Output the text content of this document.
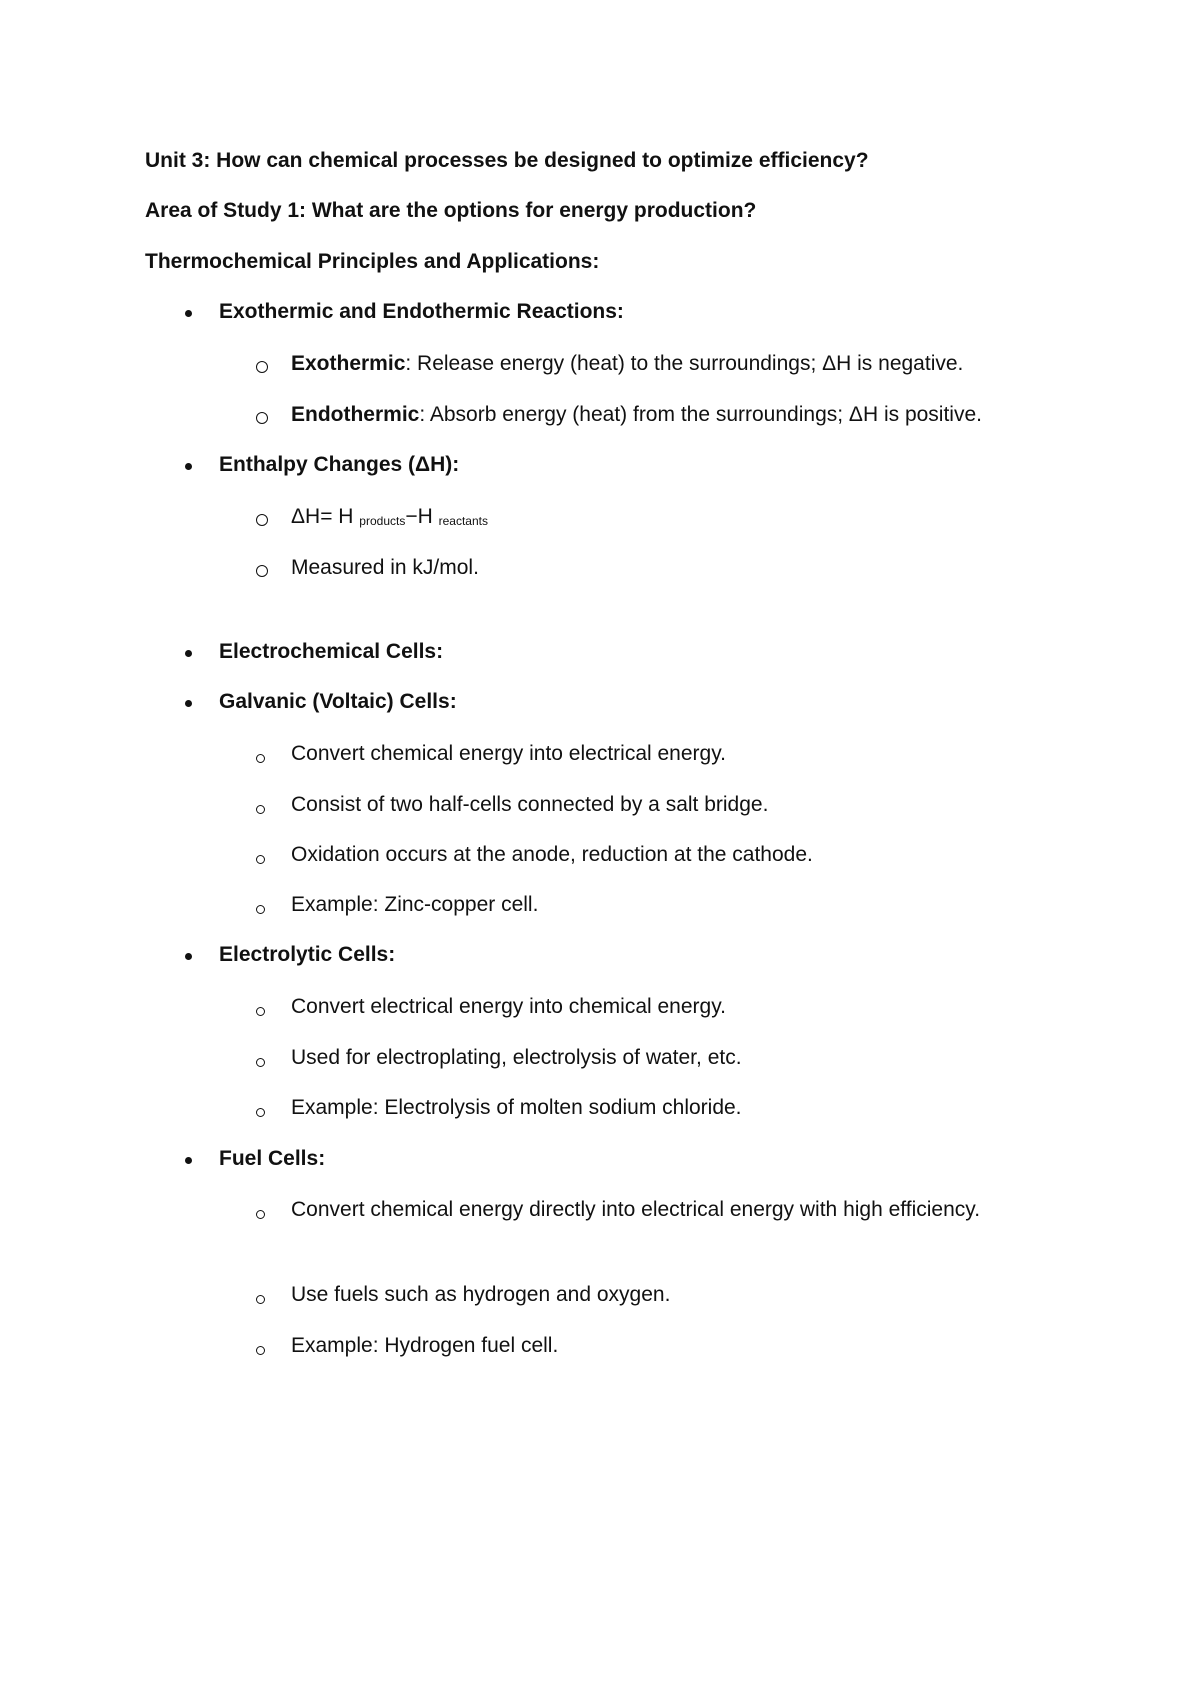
Unit 3: How can chemical processes be designed to optimize efficiency?
Area of Study 1: What are the options for energy production?
Thermochemical Principles and Applications:
Exothermic and Endothermic Reactions:
Exothermic: Release energy (heat) to the surroundings; ΔH is negative.
Endothermic: Absorb energy (heat) from the surroundings; ΔH is positive.
Enthalpy Changes (ΔH):
ΔH= H products−H reactants
Measured in kJ/mol.
Electrochemical Cells:
Galvanic (Voltaic) Cells:
Convert chemical energy into electrical energy.
Consist of two half-cells connected by a salt bridge.
Oxidation occurs at the anode, reduction at the cathode.
Example: Zinc-copper cell.
Electrolytic Cells:
Convert electrical energy into chemical energy.
Used for electroplating, electrolysis of water, etc.
Example: Electrolysis of molten sodium chloride.
Fuel Cells:
Convert chemical energy directly into electrical energy with high efficiency.
Use fuels such as hydrogen and oxygen.
Example: Hydrogen fuel cell.
